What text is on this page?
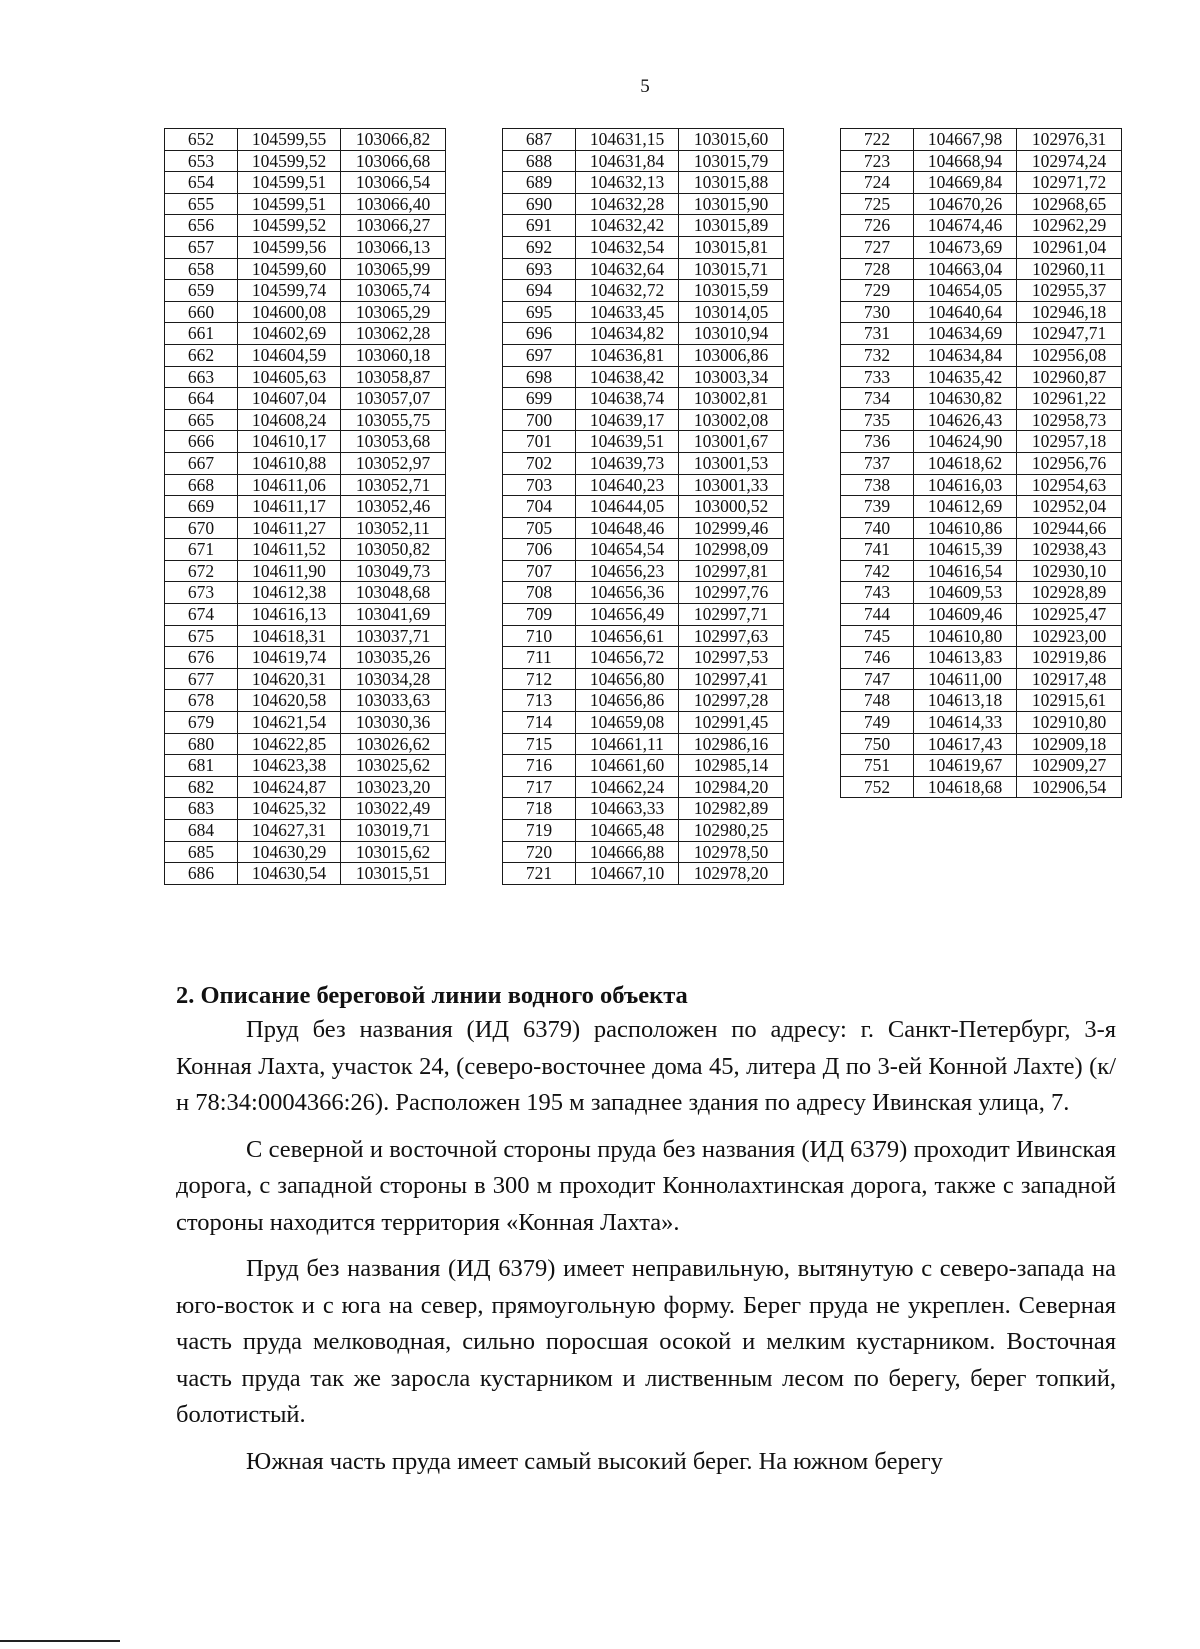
5
652	104599,55	103066,82
653	104599,52	103066,68
654	104599,51	103066,54
655	104599,51	103066,40
656	104599,52	103066,27
657	104599,56	103066,13
658	104599,60	103065,99
659	104599,74	103065,74
660	104600,08	103065,29
661	104602,69	103062,28
662	104604,59	103060,18
663	104605,63	103058,87
664	104607,04	103057,07
665	104608,24	103055,75
666	104610,17	103053,68
667	104610,88	103052,97
668	104611,06	103052,71
669	104611,17	103052,46
670	104611,27	103052,11
671	104611,52	103050,82
672	104611,90	103049,73
673	104612,38	103048,68
674	104616,13	103041,69
675	104618,31	103037,71
676	104619,74	103035,26
677	104620,31	103034,28
678	104620,58	103033,63
679	104621,54	103030,36
680	104622,85	103026,62
681	104623,38	103025,62
682	104624,87	103023,20
683	104625,32	103022,49
684	104627,31	103019,71
685	104630,29	103015,62
686	104630,54	103015,51
687	104631,15	103015,60
688	104631,84	103015,79
689	104632,13	103015,88
690	104632,28	103015,90
691	104632,42	103015,89
692	104632,54	103015,81
693	104632,64	103015,71
694	104632,72	103015,59
695	104633,45	103014,05
696	104634,82	103010,94
697	104636,81	103006,86
698	104638,42	103003,34
699	104638,74	103002,81
700	104639,17	103002,08
701	104639,51	103001,67
702	104639,73	103001,53
703	104640,23	103001,33
704	104644,05	103000,52
705	104648,46	102999,46
706	104654,54	102998,09
707	104656,23	102997,81
708	104656,36	102997,76
709	104656,49	102997,71
710	104656,61	102997,63
711	104656,72	102997,53
712	104656,80	102997,41
713	104656,86	102997,28
714	104659,08	102991,45
715	104661,11	102986,16
716	104661,60	102985,14
717	104662,24	102984,20
718	104663,33	102982,89
719	104665,48	102980,25
720	104666,88	102978,50
721	104667,10	102978,20
722	104667,98	102976,31
723	104668,94	102974,24
724	104669,84	102971,72
725	104670,26	102968,65
726	104674,46	102962,29
727	104673,69	102961,04
728	104663,04	102960,11
729	104654,05	102955,37
730	104640,64	102946,18
731	104634,69	102947,71
732	104634,84	102956,08
733	104635,42	102960,87
734	104630,82	102961,22
735	104626,43	102958,73
736	104624,90	102957,18
737	104618,62	102956,76
738	104616,03	102954,63
739	104612,69	102952,04
740	104610,86	102944,66
741	104615,39	102938,43
742	104616,54	102930,10
743	104609,53	102928,89
744	104609,46	102925,47
745	104610,80	102923,00
746	104613,83	102919,86
747	104611,00	102917,48
748	104613,18	102915,61
749	104614,33	102910,80
750	104617,43	102909,18
751	104619,67	102909,27
752	104618,68	102906,54

2. Описание береговой линии водного объекта

Пруд без названия (ИД 6379) расположен по адресу: г. Санкт-Петербург, 3-я Конная Лахта, участок 24, (северо-восточнее дома 45, литера Д по 3-ей Конной Лахте) (к/н 78:34:0004366:26). Расположен 195 м западнее здания по адресу Ивинская улица, 7.

С северной и восточной стороны пруда без названия (ИД 6379) проходит Ивинская дорога, с западной стороны в 300 м проходит Коннолахтинская дорога, также с западной стороны находится территория «Конная Лахта».

Пруд без названия (ИД 6379) имеет неправильную, вытянутую с северо-запада на юго-восток и с юга на север, прямоугольную форму. Берег пруда не укреплен. Северная часть пруда мелководная, сильно поросшая осокой и мелким кустарником. Восточная часть пруда так же заросла кустарником и лиственным лесом по берегу, берег топкий, болотистый.

Южная часть пруда имеет самый высокий берег. На южном берегу
